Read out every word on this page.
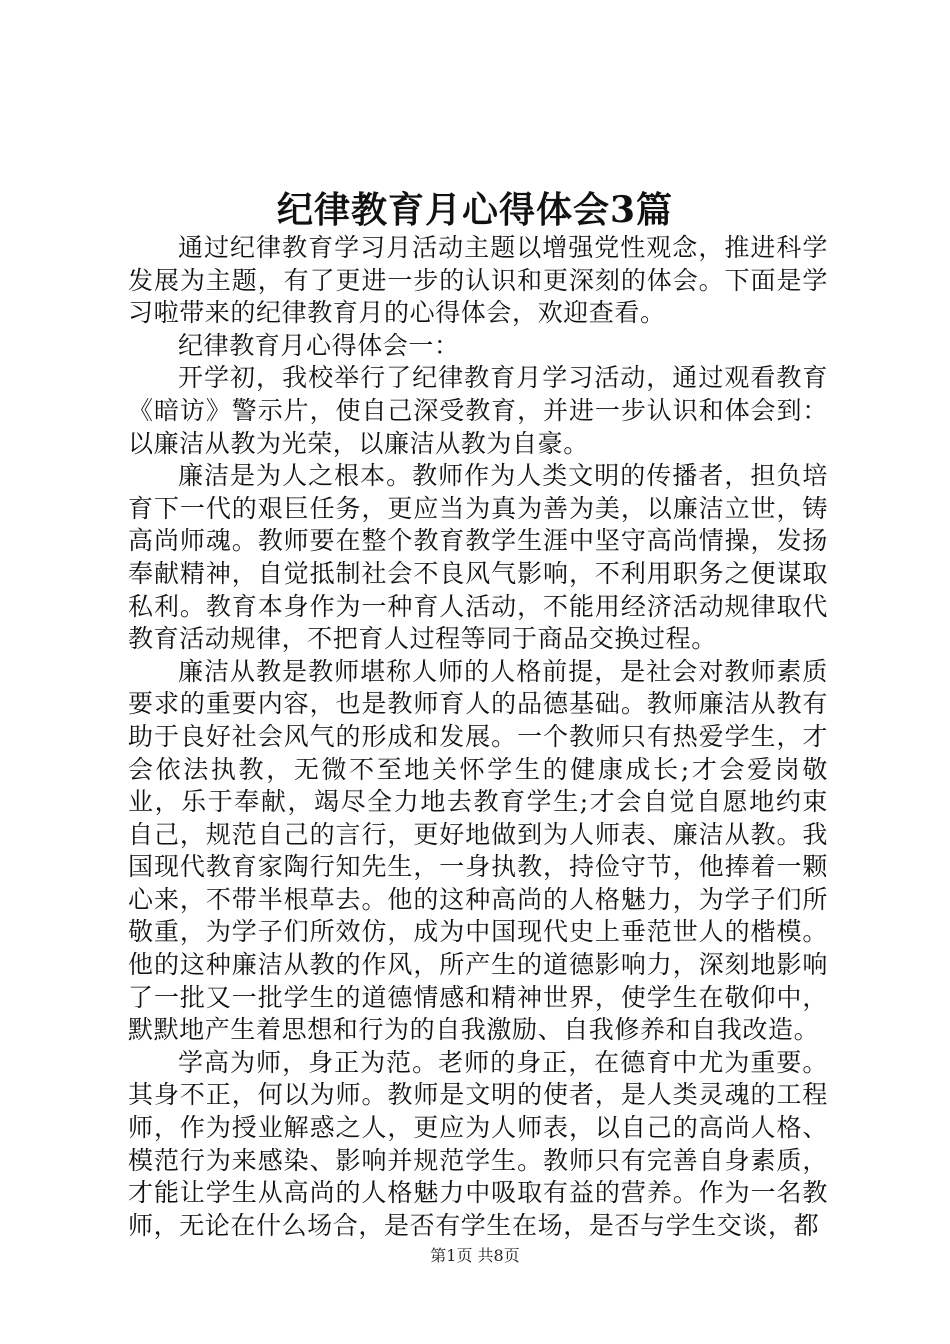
纪律教育月心得体会3篇

通过纪律教育学习月活动主题以增强党性观念，推进科学发展为主题，有了更进一步的认识和更深刻的体会。下面是学习啦带来的纪律教育月的心得体会，欢迎查看。

纪律教育月心得体会一：

开学初，我校举行了纪律教育月学习活动，通过观看教育《暗访》警示片，使自己深受教育，并进一步认识和体会到：以廉洁从教为光荣，以廉洁从教为自豪。

廉洁是为人之根本。教师作为人类文明的传播者，担负培育下一代的艰巨任务，更应当为真为善为美，以廉洁立世，铸高尚师魂。教师要在整个教育教学生涯中坚守高尚情操，发扬奉献精神，自觉抵制社会不良风气影响，不利用职务之便谋取私利。教育本身作为一种育人活动，不能用经济活动规律取代教育活动规律，不把育人过程等同于商品交换过程。

廉洁从教是教师堪称人师的人格前提，是社会对教师素质要求的重要内容，也是教师育人的品德基础。教师廉洁从教有助于良好社会风气的形成和发展。一个教师只有热爱学生，才会依法执教，无微不至地关怀学生的健康成长;才会爱岗敬业，乐于奉献，竭尽全力地去教育学生;才会自觉自愿地约束自己，规范自己的言行，更好地做到为人师表、廉洁从教。我国现代教育家陶行知先生，一身执教，持俭守节，他捧着一颗心来，不带半根草去。他的这种高尚的人格魅力，为学子们所敬重，为学子们所效仿，成为中国现代史上垂范世人的楷模。他的这种廉洁从教的作风，所产生的道德影响力，深刻地影响了一批又一批学生的道德情感和精神世界，使学生在敬仰中，默默地产生着思想和行为的自我激励、自我修养和自我改造。

学高为师，身正为范。老师的身正，在德育中尤为重要。其身不正，何以为师。教师是文明的使者，是人类灵魂的工程师，作为授业解惑之人，更应为人师表，以自己的高尚人格、模范行为来感染、影响并规范学生。教师只有完善自身素质，才能让学生从高尚的人格魅力中吸取有益的营养。作为一名教师，无论在什么场合，是否有学生在场，是否与学生交谈，都

第1页 共8页
